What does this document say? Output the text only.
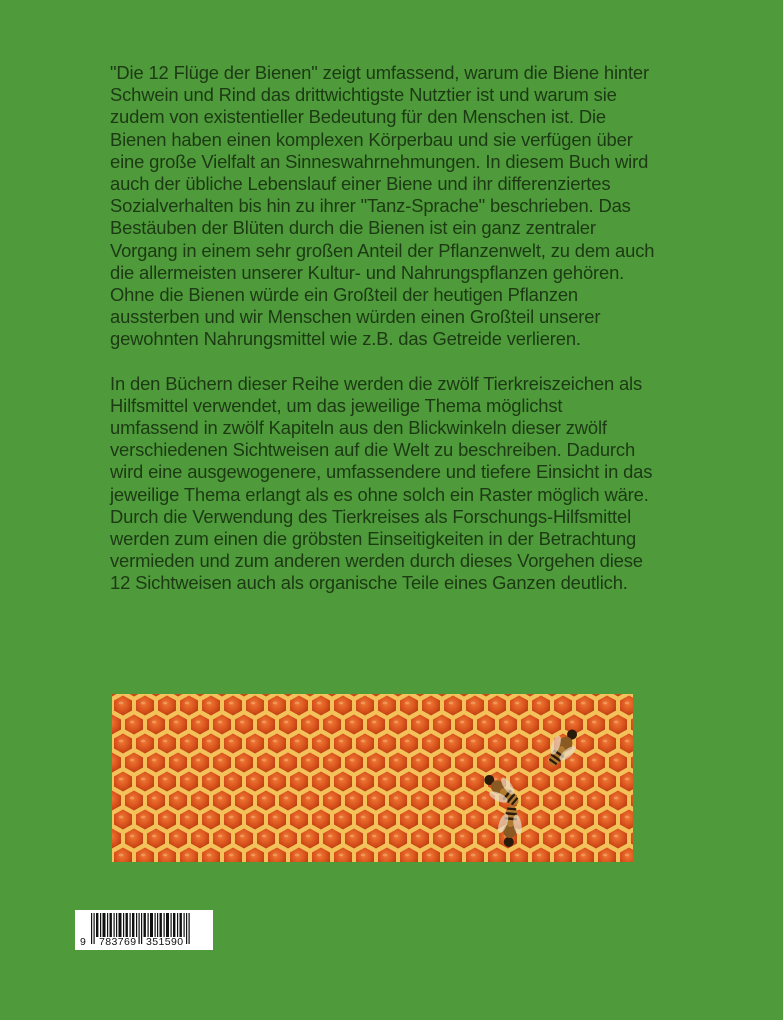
"Die 12 Flüge der Bienen" zeigt umfassend, warum die Biene hinter
Schwein und Rind das drittwichtigste Nutztier ist und warum sie
zudem von existentieller Bedeutung für den Menschen ist. Die
Bienen haben einen komplexen Körperbau und sie verfügen über
eine große Vielfalt an Sinneswahrnehmungen. In diesem Buch wird
auch der übliche Lebenslauf einer Biene und ihr differenziertes
Sozialverhalten bis hin zu ihrer "Tanz-Sprache" beschrieben. Das
Bestäuben der Blüten durch die Bienen ist ein ganz zentraler
Vorgang in einem sehr großen Anteil der Pflanzenwelt, zu dem auch
die allermeisten unserer Kultur- und Nahrungspflanzen gehören.
Ohne die Bienen würde ein Großteil der heutigen Pflanzen
aussterben und wir Menschen würden einen Großteil unserer
gewohnten Nahrungsmittel wie z.B. das Getreide verlieren.

In den Büchern dieser Reihe werden die zwölf Tierkreiszeichen als
Hilfsmittel verwendet, um das jeweilige Thema möglichst
umfassend in zwölf Kapiteln aus den Blickwinkeln dieser zwölf
verschiedenen Sichtweisen auf die Welt zu beschreiben. Dadurch
wird eine ausgewogenere, umfassendere und tiefere Einsicht in das
jeweilige Thema erlangt als es ohne solch ein Raster möglich wäre.
Durch die Verwendung des Tierkreises als Forschungs-Hilfsmittel
werden zum einen die gröbsten Einseitigkeiten in der Betrachtung
vermieden und zum anderen werden durch dieses Vorgehen diese
12 Sichtweisen auch als organische Teile eines Ganzen deutlich.

9 783769 351590
